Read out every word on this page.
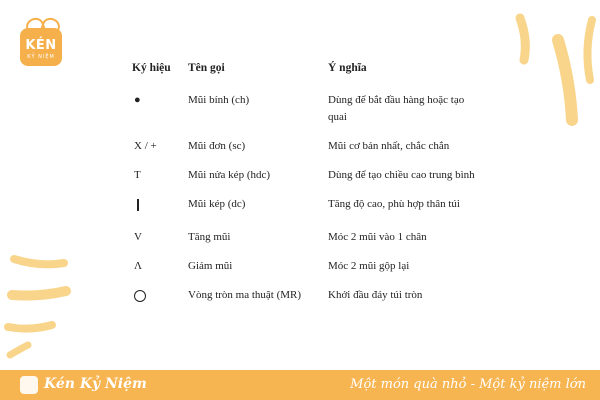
KÉN
KỶ NIỆM
Ký hiệu	Tên gọi	Ý nghĩa
●	Mũi bính (ch)	Dùng để bắt đầu hàng hoặc tạo quai
X / +	Mũi đơn (sc)	Mũi cơ bản nhất, chắc chắn
T	Mũi nửa kép (hdc)	Dùng để tạo chiều cao trung bình
	Mũi kép (dc)	Tăng độ cao, phù hợp thân túi
V	Tăng mũi	Móc 2 mũi vào 1 chân
Λ	Giảm mũi	Móc 2 mũi gộp lại
	Vòng tròn ma thuật (MR)	Khởi đầu đáy túi tròn
Kén Kỷ Niệm	Một món quà nhỏ - Một kỷ niệm lớn
